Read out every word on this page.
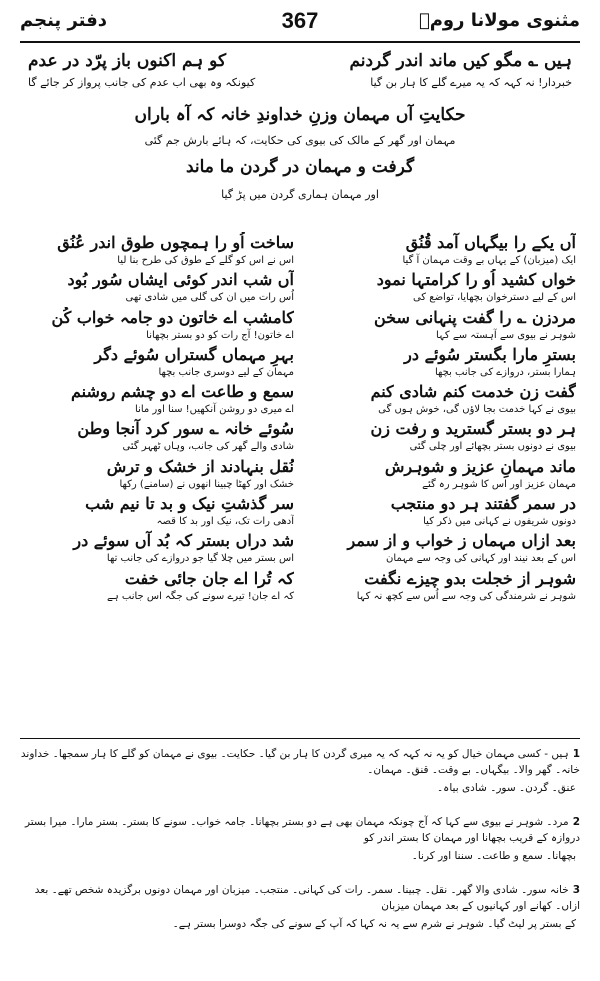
دفتر پنجم	367	مثنوی مولانا رومؒ
ہیں ؎ مگو کیں ماند اندر گردنم
کو ہم اکنوں باز پرّد در عدم
خبردار! نہ کہہ کہ یہ میرے گلے کا ہار بن گیا
کیونکہ وہ بھی اب عدم کی جانب پرواز کر جائے گا
حکایتِ آں مہمان وزنِ خداوندِ خانہ کہ آہ باراں
مہمان اور گھر کے مالک کی بیوی کی حکایت، کہ ہائے بارش جم گئی
گرفت و مہمان در گردن ما ماند
اور مہمان ہماری گردن میں پڑ گیا
آں یکے را بیگہاں آمد قُنُق
ایک (میزبان) کے یہاں بے وقت مہمان آ گیا
خواں کشید اُو را کرامتہا نمود
اس کے لیے دسترخوان بچھایا، تواضع کی
مردزن ؎ را گفت پنہانی سخن
شوہر نے بیوی سے آہستہ سے کہا
بسترِ مارا بگستر سُوئے در
ہمارا بستر، دروازے کی جانب بچھا
گفت زن خدمت کنم شادی کنم
بیوی نے کہا خدمت بجا لاؤں گی، خوش ہوں گی
ہر دو بستر گسترید و رفت زن
بیوی نے دونوں بستر بچھائے اور چلی گئی
ماند مہمانِ عزیز و شوہرش
مہمان عزیز اور اس کا شوہر رہ گئے
در سمر گفتند ہر دو منتجب
دونوں شریفوں نے کہانی میں ذکر کیا
بعد ازاں مہماں ز خواب و از سمر
اس کے بعد نیند اور کہانی کی وجہ سے مہمان
شوہر از خجلت بدو چیزے نگفت
شوہر نے شرمندگی کی وجہ سے اُس سے کچھ نہ کہا
ساخت اُو را ہمچوں طوق اندر عُنُق
اس نے اس کو گلے کے طوق کی طرح بنا لیا
آں شب اندر کوئی ایشاں سُور بُود
اُس رات میں ان کی گلی میں شادی تھی
کامشب اے خاتون دو جامہ خواب کُن
اے خاتون! آج رات کو دو بستر بچھانا
بہرِ مہماں گستراں سُوئے دگر
مہمان کے لیے دوسری جانب بچھا
سمع و طاعت اے دو چشم روشنم
اے میری دو روشن آنکھیں! سنا اور مانا
سُوئے خانہ ؎ سور کرد آنجا وطن
شادی والے گھر کی جانب، وہاں ٹھہر گئی
نُقل بنہادند از خشک و ترش
خشک اور کھٹا چبینا انھوں نے (سامنے) رکھا
سر گذشتِ نیک و بد تا نیم شب
آدھی رات تک، نیک اور بد کا قصہ
شد دراں بستر کہ بُد آں سوئے در
اس بستر میں چلا گیا جو دروازے کی جانب تھا
کہ تُرا اے جان جائی خفت
کہ اے جان! تیرے سونے کی جگہ اس جانب ہے
1ہیں - کسی مہمان خیال کو یہ نہ کہہ کہ یہ میری گردن کا ہار بن گیا۔ حکایت۔ بیوی نے مہمان کو گلے کا ہار سمجھا۔ خداوند خانہ۔ گھر والا۔ بیگہاں۔ بے وقت۔ قنق۔ مہمان۔
عنق۔ گردن۔ سور۔ شادی بیاہ۔
2مرد۔ شوہر نے بیوی سے کہا کہ آج چونکہ مہمان بھی ہے دو بستر بچھانا۔ جامہ خواب۔ سونے کا بستر۔ بستر مارا۔ میرا بستر دروازہ کے قریب بچھانا اور مہمان کا بستر اندر کو
بچھانا۔ سمع و طاعت۔ سننا اور کرنا۔
3خانہ سور۔ شادی والا گھر۔ نقل۔ چبینا۔ سمر۔ رات کی کہانی۔ منتجب۔ میزبان اور مہمان دونوں برگزیدہ شخص تھے۔ بعد ازاں۔ کھانے اور کہانیوں کے بعد مہمان میزبان
کے بستر پر لیٹ گیا۔ شوہر نے شرم سے یہ نہ کہا کہ آپ کے سونے کی جگہ دوسرا بستر ہے۔
